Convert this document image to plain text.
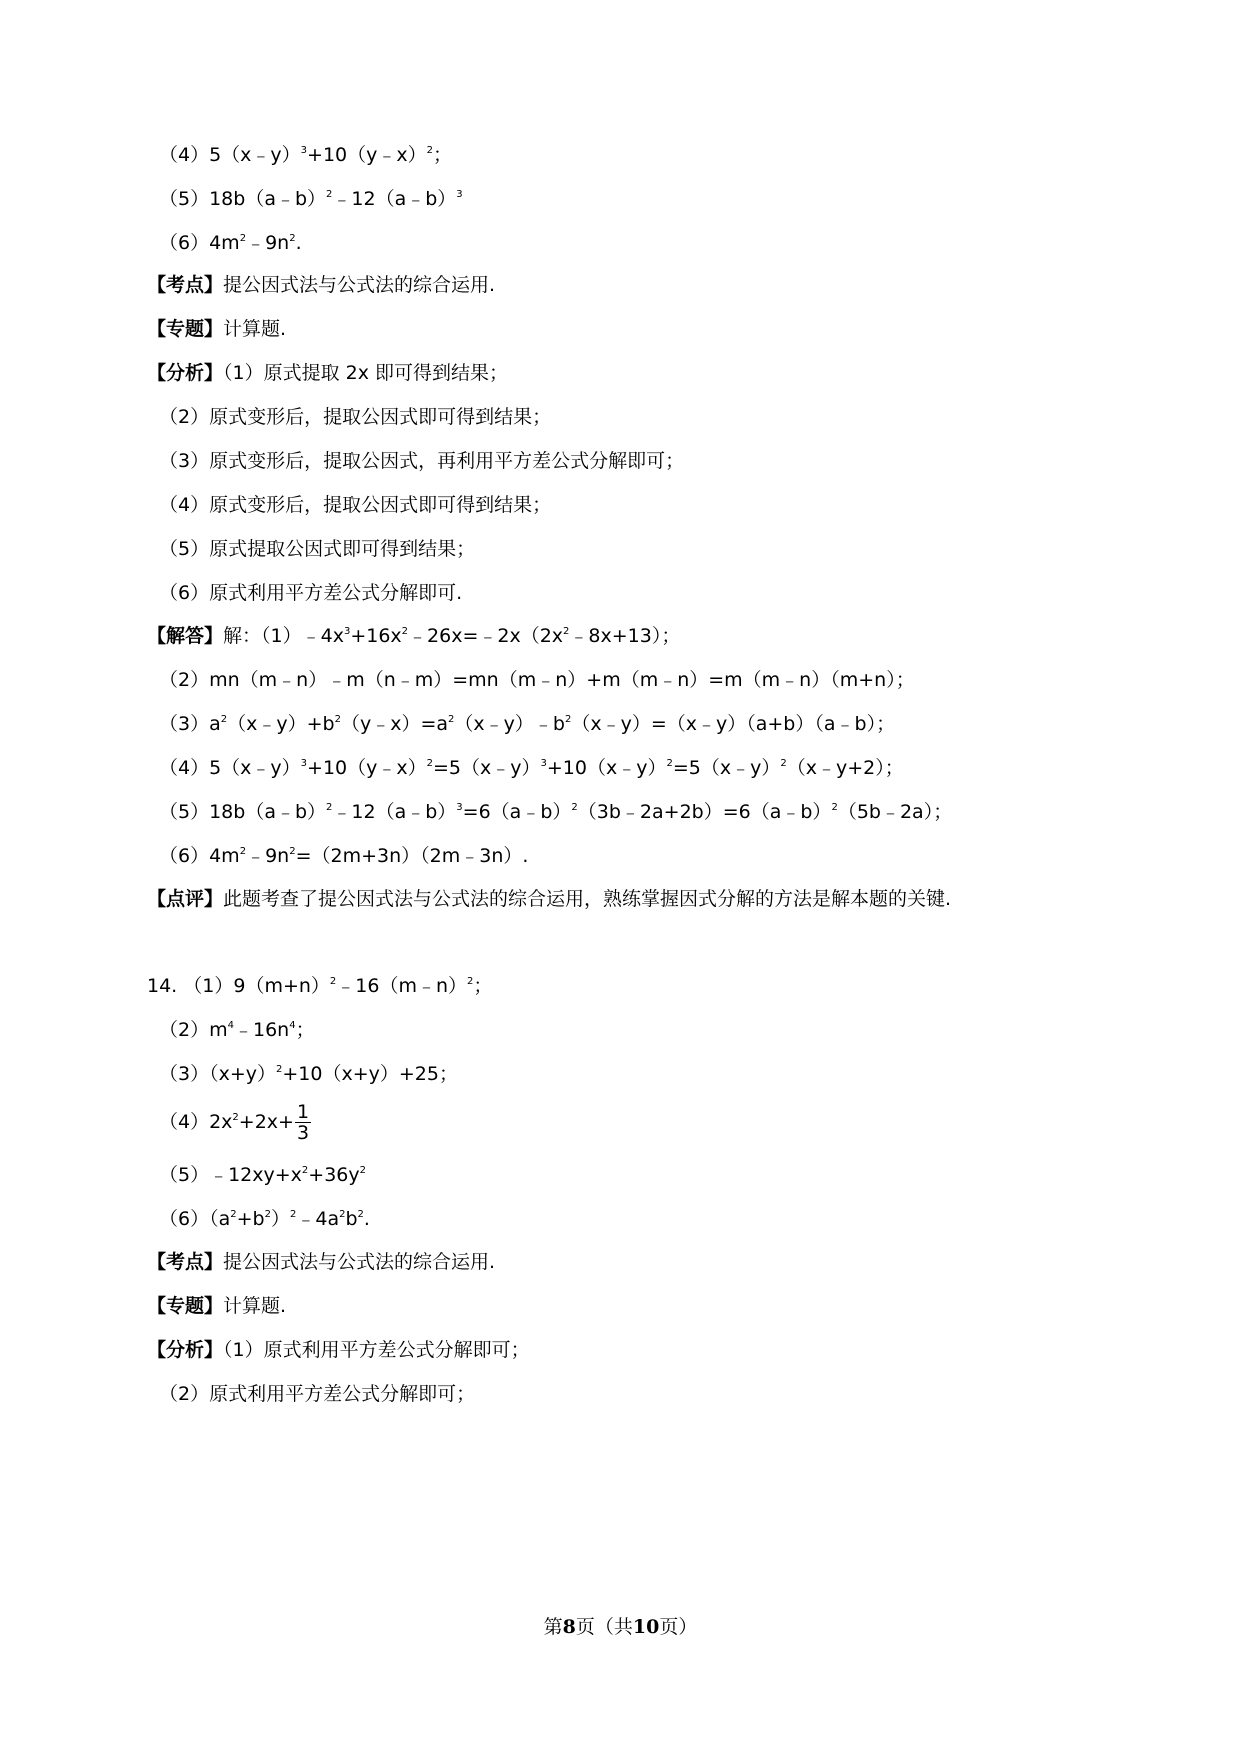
（4）5（x﹣y）$^3$+10（y﹣x）$^2$；
（5）18b（a﹣b）$^2$﹣12（a﹣b）$^3$
$(6)4m^2﹣9n^2$.
【考点】提公因式法与公式法的综合运用.
【专题】计算题.
【分析】（1）原式提取 2x 即可得到结果；
（2）原式变形后，提取公因式即可得到结果；
（3）原式变形后，提取公因式，再利用平方差公式分解即可；
（4）原式变形后，提取公因式即可得到结果；
（5）原式提取公因式即可得到结果；
（6）原式利用平方差公式分解即可.
【解答】解：$(1)﹣4x^3+16x^2﹣26x=﹣2x(2x^2﹣8x+13)$；
（2）mn（m﹣n）﹣m（n﹣m）=mn（m﹣n）+m（m﹣n）=m（m﹣n）（m+n）；
$(3)a^2(x﹣y)+b^2(y﹣x)=a^2(x﹣y)﹣b^2(x﹣y)=(x﹣y)(a+b)(a﹣b)$；
（4）5（x﹣y）$^3$+10（y﹣x）$^2$=5（x﹣y）$^3$+10（x﹣y）$^2$=5（x﹣y）$^2$（x﹣y+2）；
（5）18b（a﹣b）$^2$﹣12（a﹣b）$^3$=6（a﹣b）$^2$（3b﹣2a+2b）=6（a﹣b）$^2$（5b﹣2a）；
$(6)4m^2﹣9n^2=(2m+3n)(2m﹣3n)$.
【点评】此题考查了提公因式法与公式法的综合运用，熟练掌握因式分解的方法是解本题的关键.
14. $(1)9(m+n)^2﹣16(m﹣n)^2$；
$(2)m^4﹣16n^4$；
$(3)(x+y)^2+10(x+y)+25$；
$(4)2x^2+2x+ \frac{1}{3}$
$(5)﹣12xy+x^2+36y^2$
$(6)(a^2+b^2)^2﹣4a^2b^2$.
【考点】提公因式法与公式法的综合运用.
【专题】计算题.
【分析】（1）原式利用平方差公式分解即可；
（2）原式利用平方差公式分解即可；
第8页（共10页）
